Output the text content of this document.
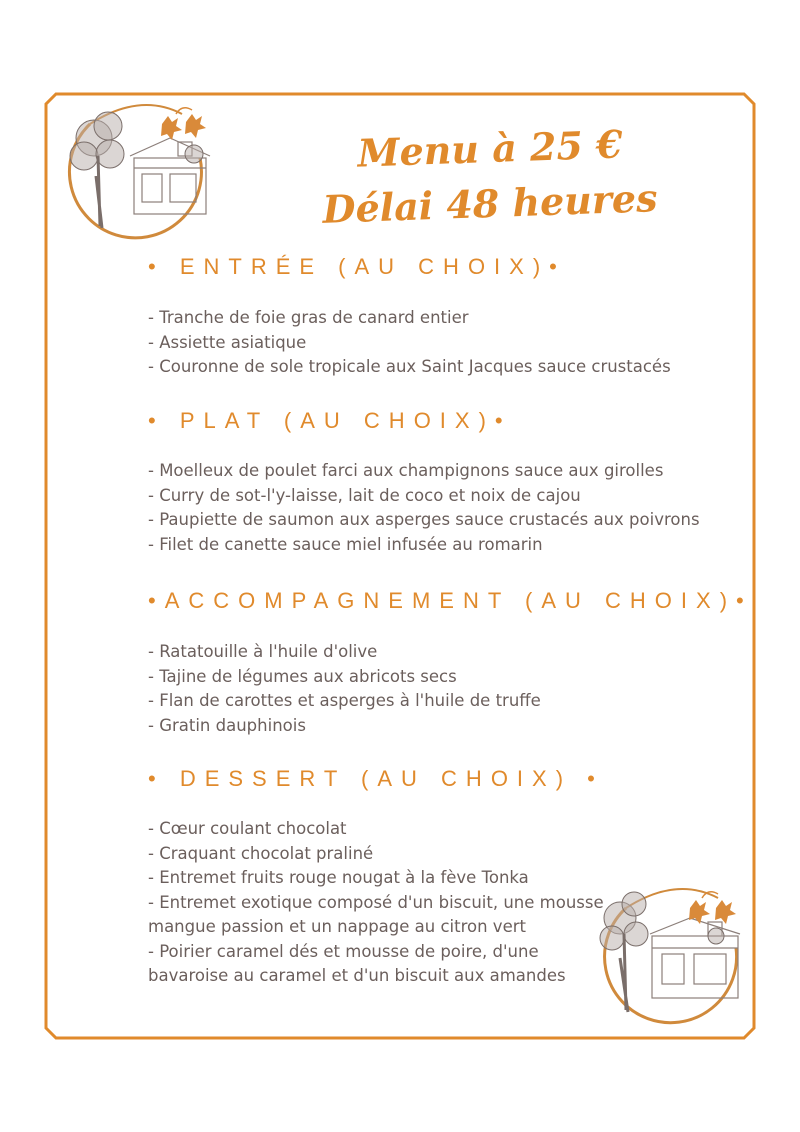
Menu à 25 €
Délai 48 heures
• ENTRÉE (AU CHOIX)•
- Tranche de foie gras de canard entier
- Assiette asiatique
- Couronne de sole tropicale aux Saint Jacques sauce crustacés
• PLAT (AU CHOIX)•
- Moelleux de poulet farci aux champignons sauce aux girolles
- Curry de sot-l'y-laisse, lait de coco et noix de cajou
- Paupiette de saumon aux asperges sauce crustacés aux poivrons
- Filet de canette sauce miel infusée au romarin
•ACCOMPAGNEMENT (AU CHOIX)•
- Ratatouille à l'huile d'olive
- Tajine de légumes aux abricots secs
- Flan de carottes et asperges à l'huile de truffe
- Gratin dauphinois
• DESSERT (AU CHOIX) •
- Cœur coulant chocolat
- Craquant chocolat praliné
- Entremet fruits rouge nougat à la fève Tonka
- Entremet exotique composé d'un biscuit, une mousse
mangue passion et un nappage au citron vert
- Poirier caramel dés et mousse de poire, d'une
bavaroise au caramel et d'un biscuit aux amandes
